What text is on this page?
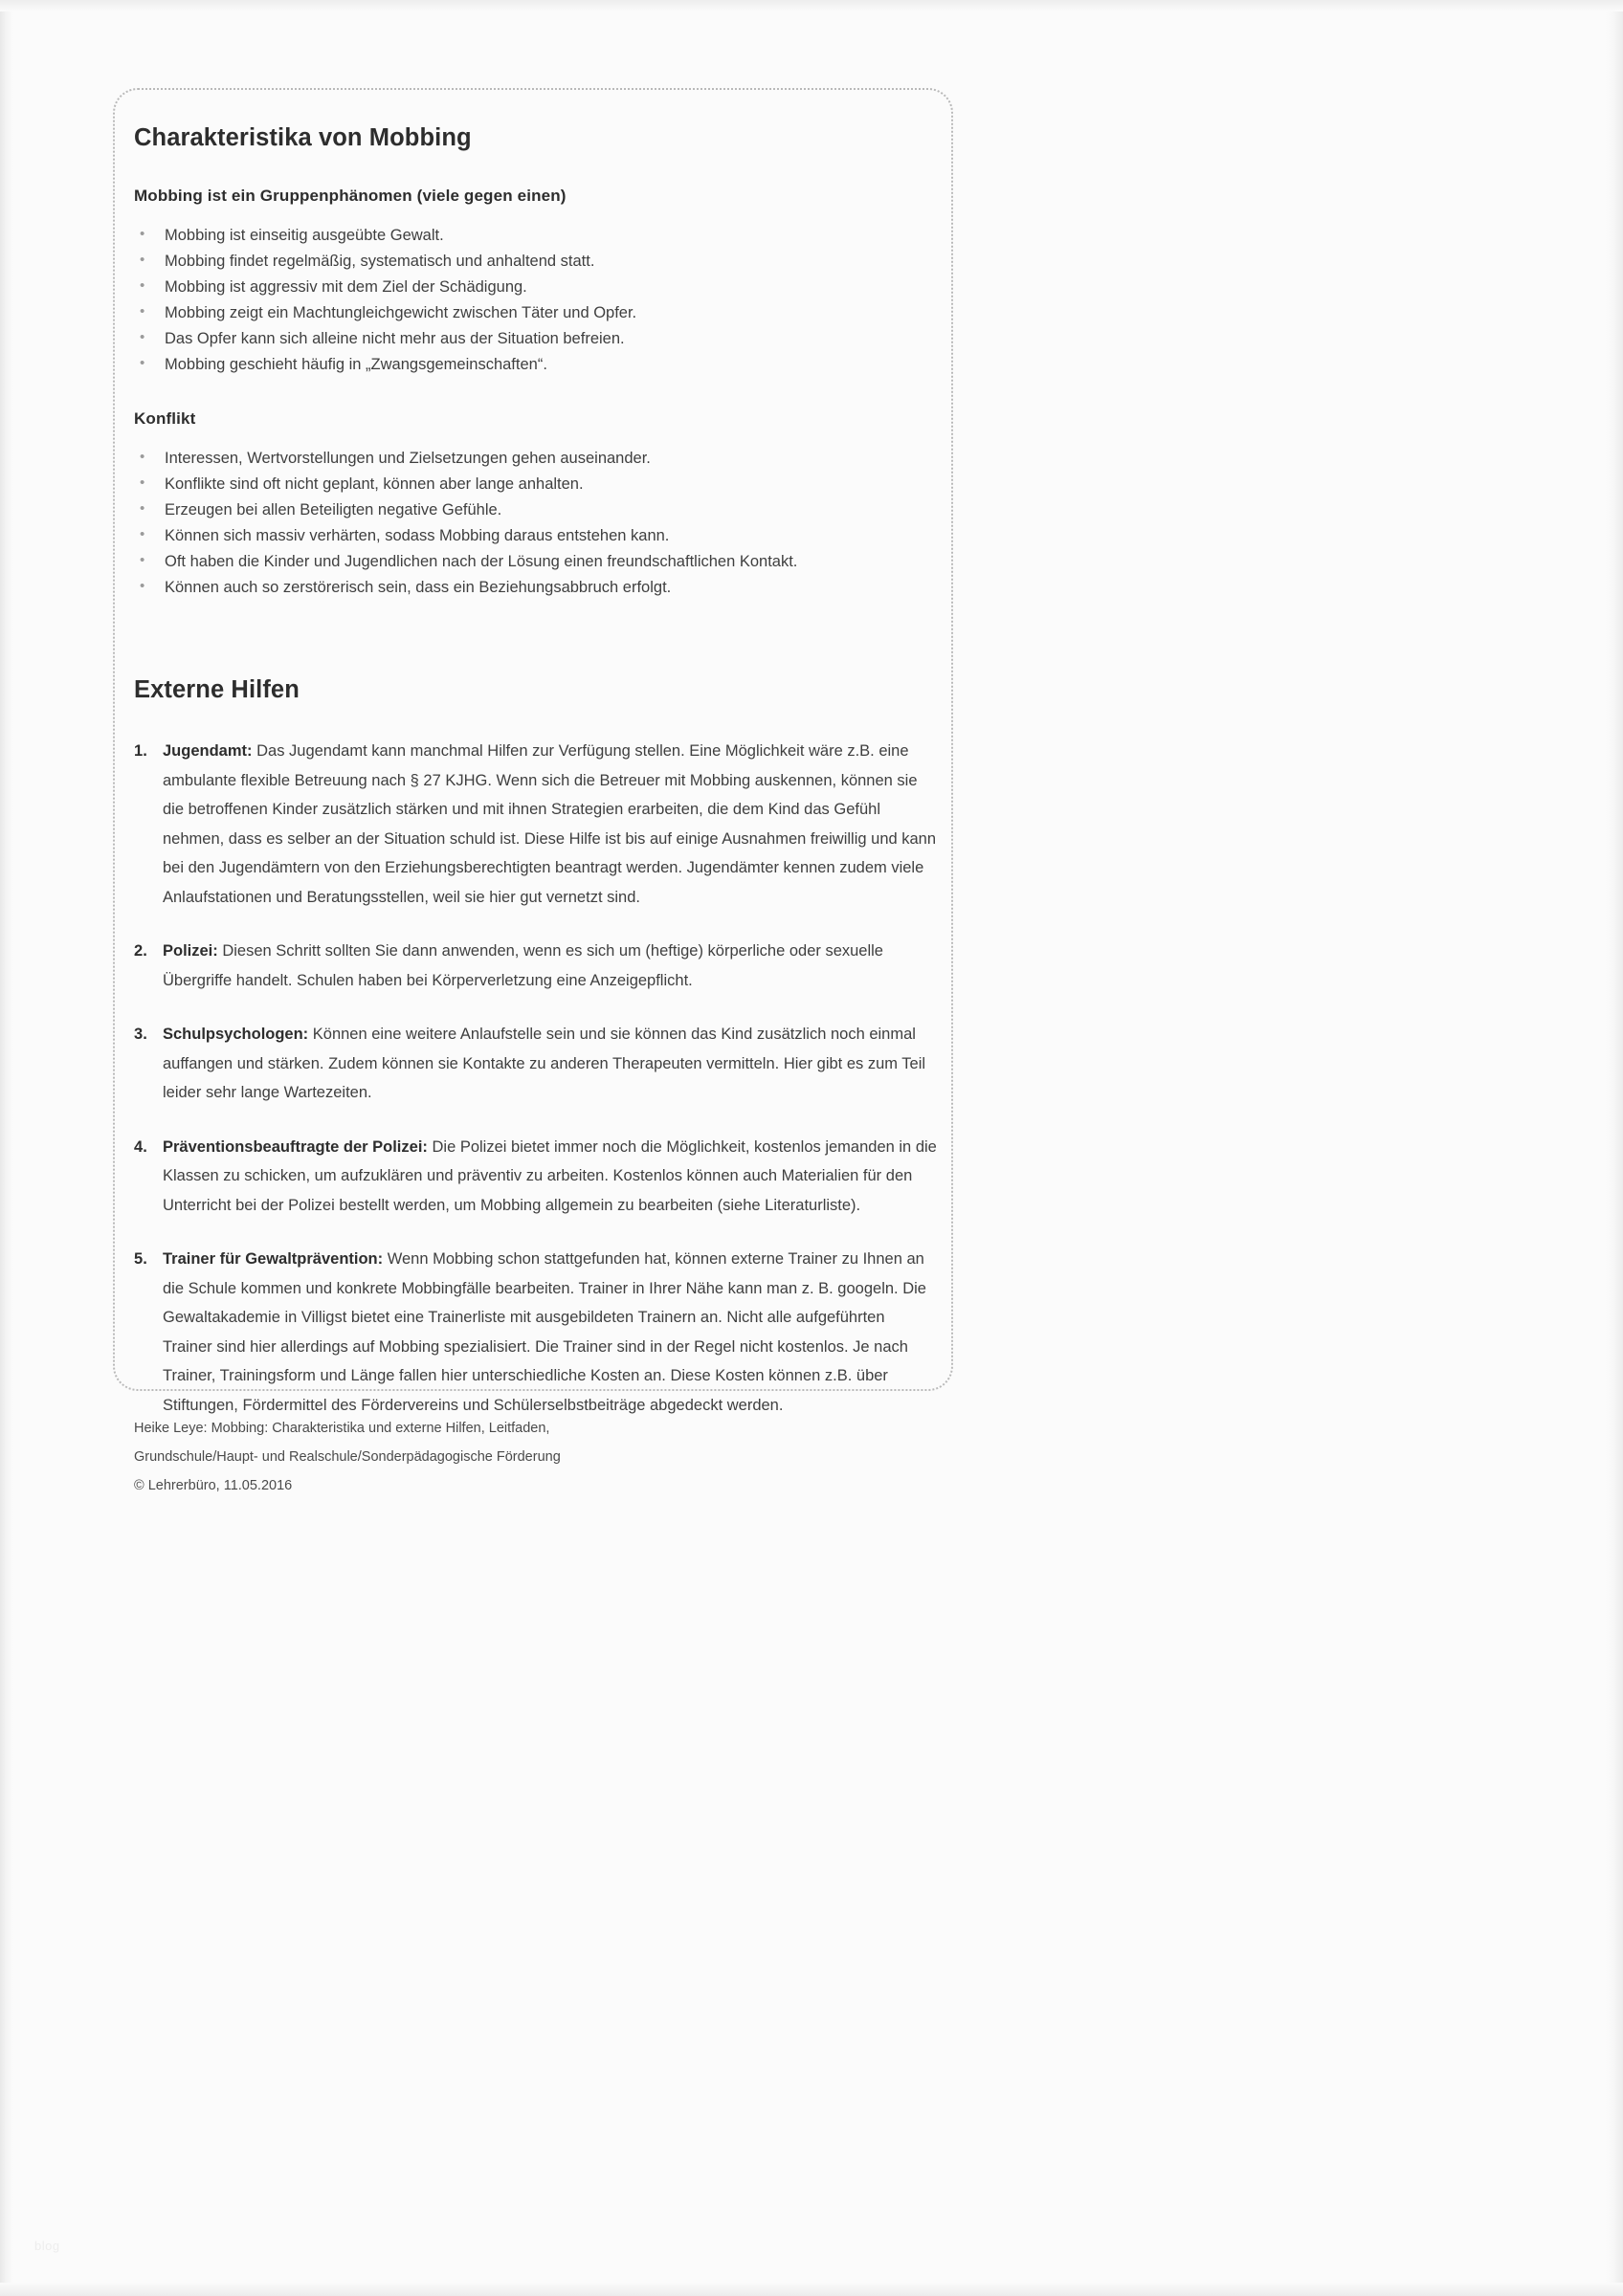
Charakteristika von Mobbing
Mobbing ist ein Gruppenphänomen (viele gegen einen)
• Mobbing ist einseitig ausgeübte Gewalt.
• Mobbing findet regelmäßig, systematisch und anhaltend statt.
• Mobbing ist aggressiv mit dem Ziel der Schädigung.
• Mobbing zeigt ein Machtungleichgewicht zwischen Täter und Opfer.
• Das Opfer kann sich alleine nicht mehr aus der Situation befreien.
• Mobbing geschieht häufig in „Zwangsgemeinschaften“.
Konflikt
• Interessen, Wertvorstellungen und Zielsetzungen gehen auseinander.
• Konflikte sind oft nicht geplant, können aber lange anhalten.
• Erzeugen bei allen Beteiligten negative Gefühle.
• Können sich massiv verhärten, sodass Mobbing daraus entstehen kann.
• Oft haben die Kinder und Jugendlichen nach der Lösung einen freundschaftlichen Kontakt.
• Können auch so zerstörerisch sein, dass ein Beziehungsabbruch erfolgt.
Externe Hilfen
Jugendamt: Das Jugendamt kann manchmal Hilfen zur Verfügung stellen. Eine Möglichkeit wäre z.B. eine ambulante flexible Betreuung nach § 27 KJHG. Wenn sich die Betreuer mit Mobbing auskennen, können sie die betroffenen Kinder zusätzlich stärken und mit ihnen Strategien erarbeiten, die dem Kind das Gefühl nehmen, dass es selber an der Situation schuld ist. Diese Hilfe ist bis auf einige Ausnahmen freiwillig und kann bei den Jugendämtern von den Erziehungsberechtigten beantragt werden. Jugendämter kennen zudem viele Anlaufstationen und Beratungsstellen, weil sie hier gut vernetzt sind.
Polizei: Diesen Schritt sollten Sie dann anwenden, wenn es sich um (heftige) körperliche oder sexuelle Übergriffe handelt. Schulen haben bei Körperverletzung eine Anzeigepflicht.
Schulpsychologen: Können eine weitere Anlaufstelle sein und sie können das Kind zusätzlich noch einmal auffangen und stärken. Zudem können sie Kontakte zu anderen Therapeuten vermitteln. Hier gibt es zum Teil leider sehr lange Wartezeiten.
Präventionsbeauftragte der Polizei: Die Polizei bietet immer noch die Möglichkeit, kostenlos jemanden in die Klassen zu schicken, um aufzuklären und präventiv zu arbeiten. Kostenlos können auch Materialien für den Unterricht bei der Polizei bestellt werden, um Mobbing allgemein zu bearbeiten (siehe Literaturliste).
Trainer für Gewaltprävention: Wenn Mobbing schon stattgefunden hat, können externe Trainer zu Ihnen an die Schule kommen und konkrete Mobbingfälle bearbeiten. Trainer in Ihrer Nähe kann man z. B. googeln. Die Gewaltakademie in Villigst bietet eine Trainerliste mit ausgebildeten Trainern an. Nicht alle aufgeführten Trainer sind hier allerdings auf Mobbing spezialisiert. Die Trainer sind in der Regel nicht kostenlos. Je nach Trainer, Trainingsform und Länge fallen hier unterschiedliche Kosten an. Diese Kosten können z.B. über Stiftungen, Fördermittel des Fördervereins und Schülerselbstbeiträge abgedeckt werden.
Heike Leye: Mobbing: Charakteristika und externe Hilfen, Leitfaden,
Grundschule/Haupt- und Realschule/Sonderpädagogische Förderung
© Lehrerbüro, 11.05.2016
blog
